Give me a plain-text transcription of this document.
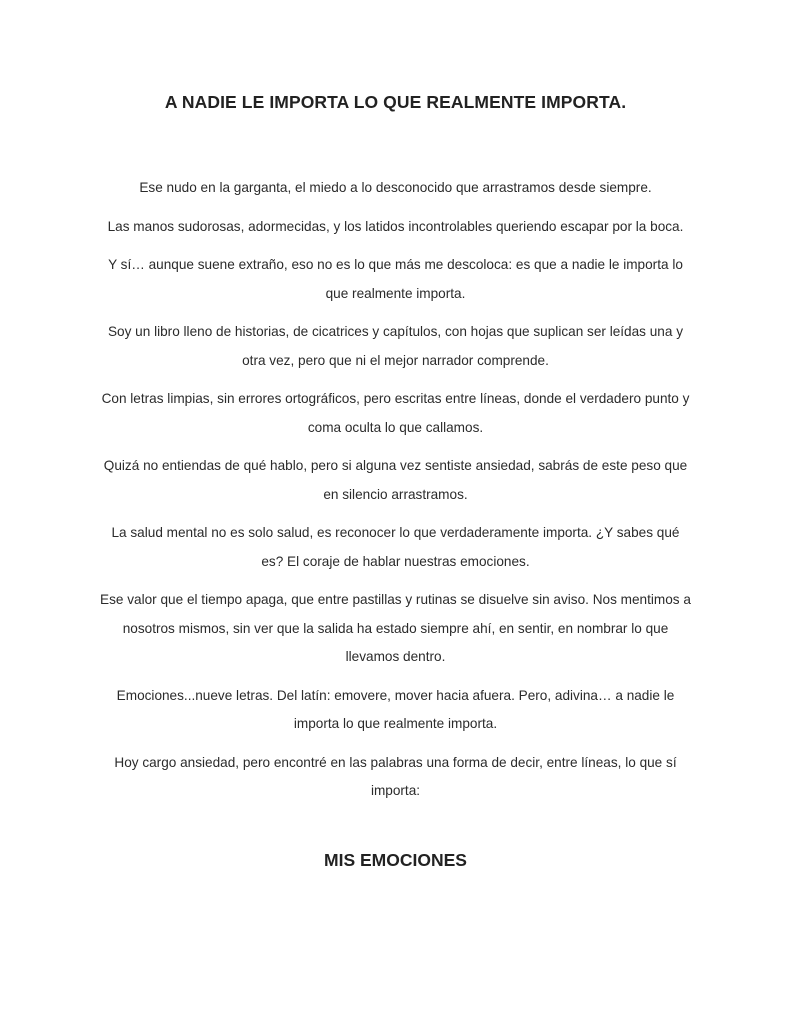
A NADIE LE IMPORTA LO QUE REALMENTE IMPORTA.

Ese nudo en la garganta, el miedo a lo desconocido que arrastramos desde siempre.

Las manos sudorosas, adormecidas, y los latidos incontrolables queriendo escapar por la boca.

Y sí… aunque suene extraño, eso no es lo que más me descoloca: es que a nadie le importa lo que realmente importa.

Soy un libro lleno de historias, de cicatrices y capítulos, con hojas que suplican ser leídas una y otra vez, pero que ni el mejor narrador comprende.

Con letras limpias, sin errores ortográficos, pero escritas entre líneas, donde el verdadero punto y coma oculta lo que callamos.

Quizá no entiendas de qué hablo, pero si alguna vez sentiste ansiedad, sabrás de este peso que en silencio arrastramos.

La salud mental no es solo salud, es reconocer lo que verdaderamente importa. ¿Y sabes qué es? El coraje de hablar nuestras emociones.

Ese valor que el tiempo apaga, que entre pastillas y rutinas se disuelve sin aviso. Nos mentimos a nosotros mismos, sin ver que la salida ha estado siempre ahí, en sentir, en nombrar lo que llevamos dentro.

Emociones...nueve letras. Del latín: emovere, mover hacia afuera. Pero, adivina… a nadie le importa lo que realmente importa.

Hoy cargo ansiedad, pero encontré en las palabras una forma de decir, entre líneas, lo que sí importa:

MIS EMOCIONES
